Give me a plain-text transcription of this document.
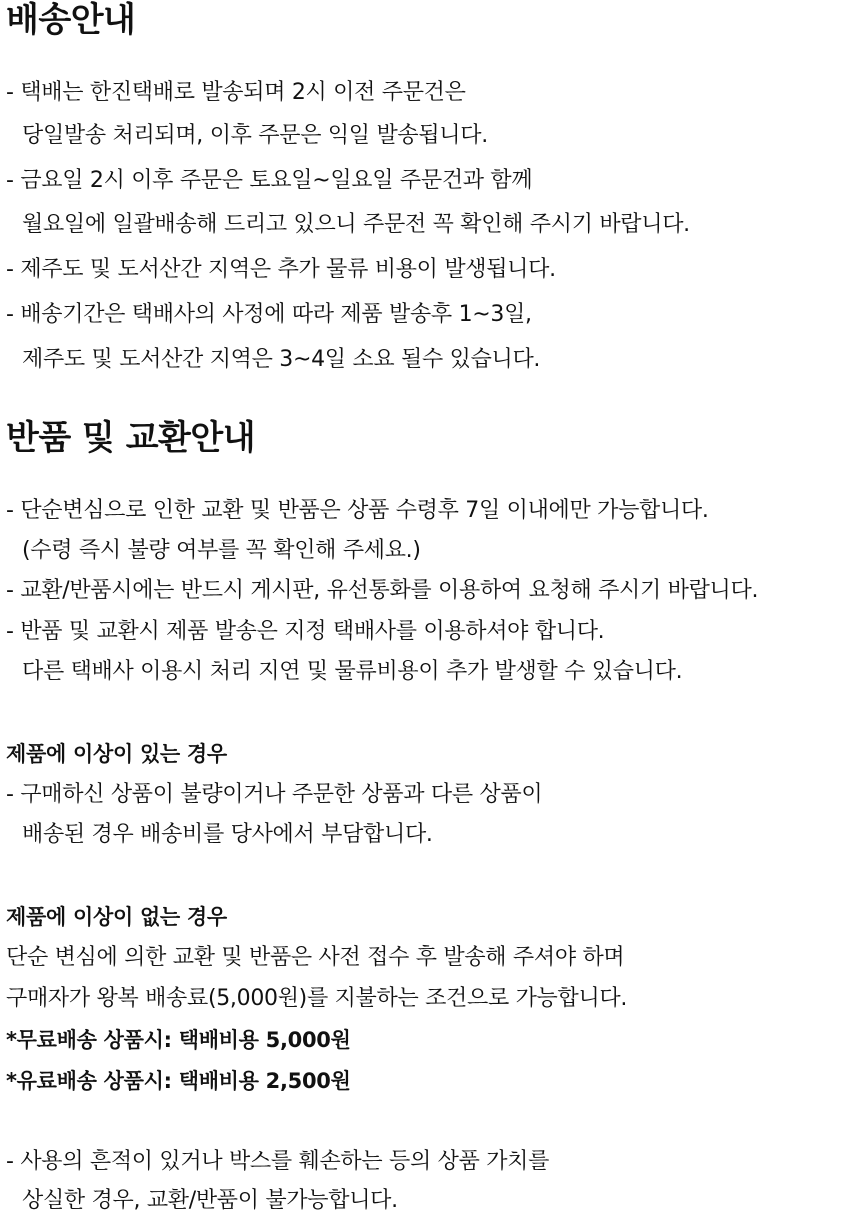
배송안내
- 택배는 한진택배로 발송되며 2시 이전 주문건은
당일발송 처리되며, 이후 주문은 익일 발송됩니다.
- 금요일 2시 이후 주문은 토요일~일요일 주문건과 함께
월요일에 일괄배송해 드리고 있으니 주문전 꼭 확인해 주시기 바랍니다.
- 제주도 및 도서산간 지역은 추가 물류 비용이 발생됩니다.
- 배송기간은 택배사의 사정에 따라 제품 발송후 1~3일,
제주도 및 도서산간 지역은 3~4일 소요 될수 있습니다.
반품 및 교환안내
- 단순변심으로 인한 교환 및 반품은 상품 수령후 7일 이내에만 가능합니다.
(수령 즉시 불량 여부를 꼭 확인해 주세요.)
- 교환/반품시에는 반드시 게시판, 유선통화를 이용하여 요청해 주시기 바랍니다.
- 반품 및 교환시 제품 발송은 지정 택배사를 이용하셔야 합니다.
다른 택배사 이용시 처리 지연 및 물류비용이 추가 발생할 수 있습니다.
제품에 이상이 있는 경우
- 구매하신 상품이 불량이거나 주문한 상품과 다른 상품이
배송된 경우 배송비를 당사에서 부담합니다.
제품에 이상이 없는 경우
단순 변심에 의한 교환 및 반품은 사전 접수 후 발송해 주셔야 하며
구매자가 왕복 배송료(5,000원)를 지불하는 조건으로 가능합니다.
*무료배송 상품시: 택배비용 5,000원
*유료배송 상품시: 택배비용 2,500원
- 사용의 흔적이 있거나 박스를 훼손하는 등의 상품 가치를
상실한 경우, 교환/반품이 불가능합니다.
